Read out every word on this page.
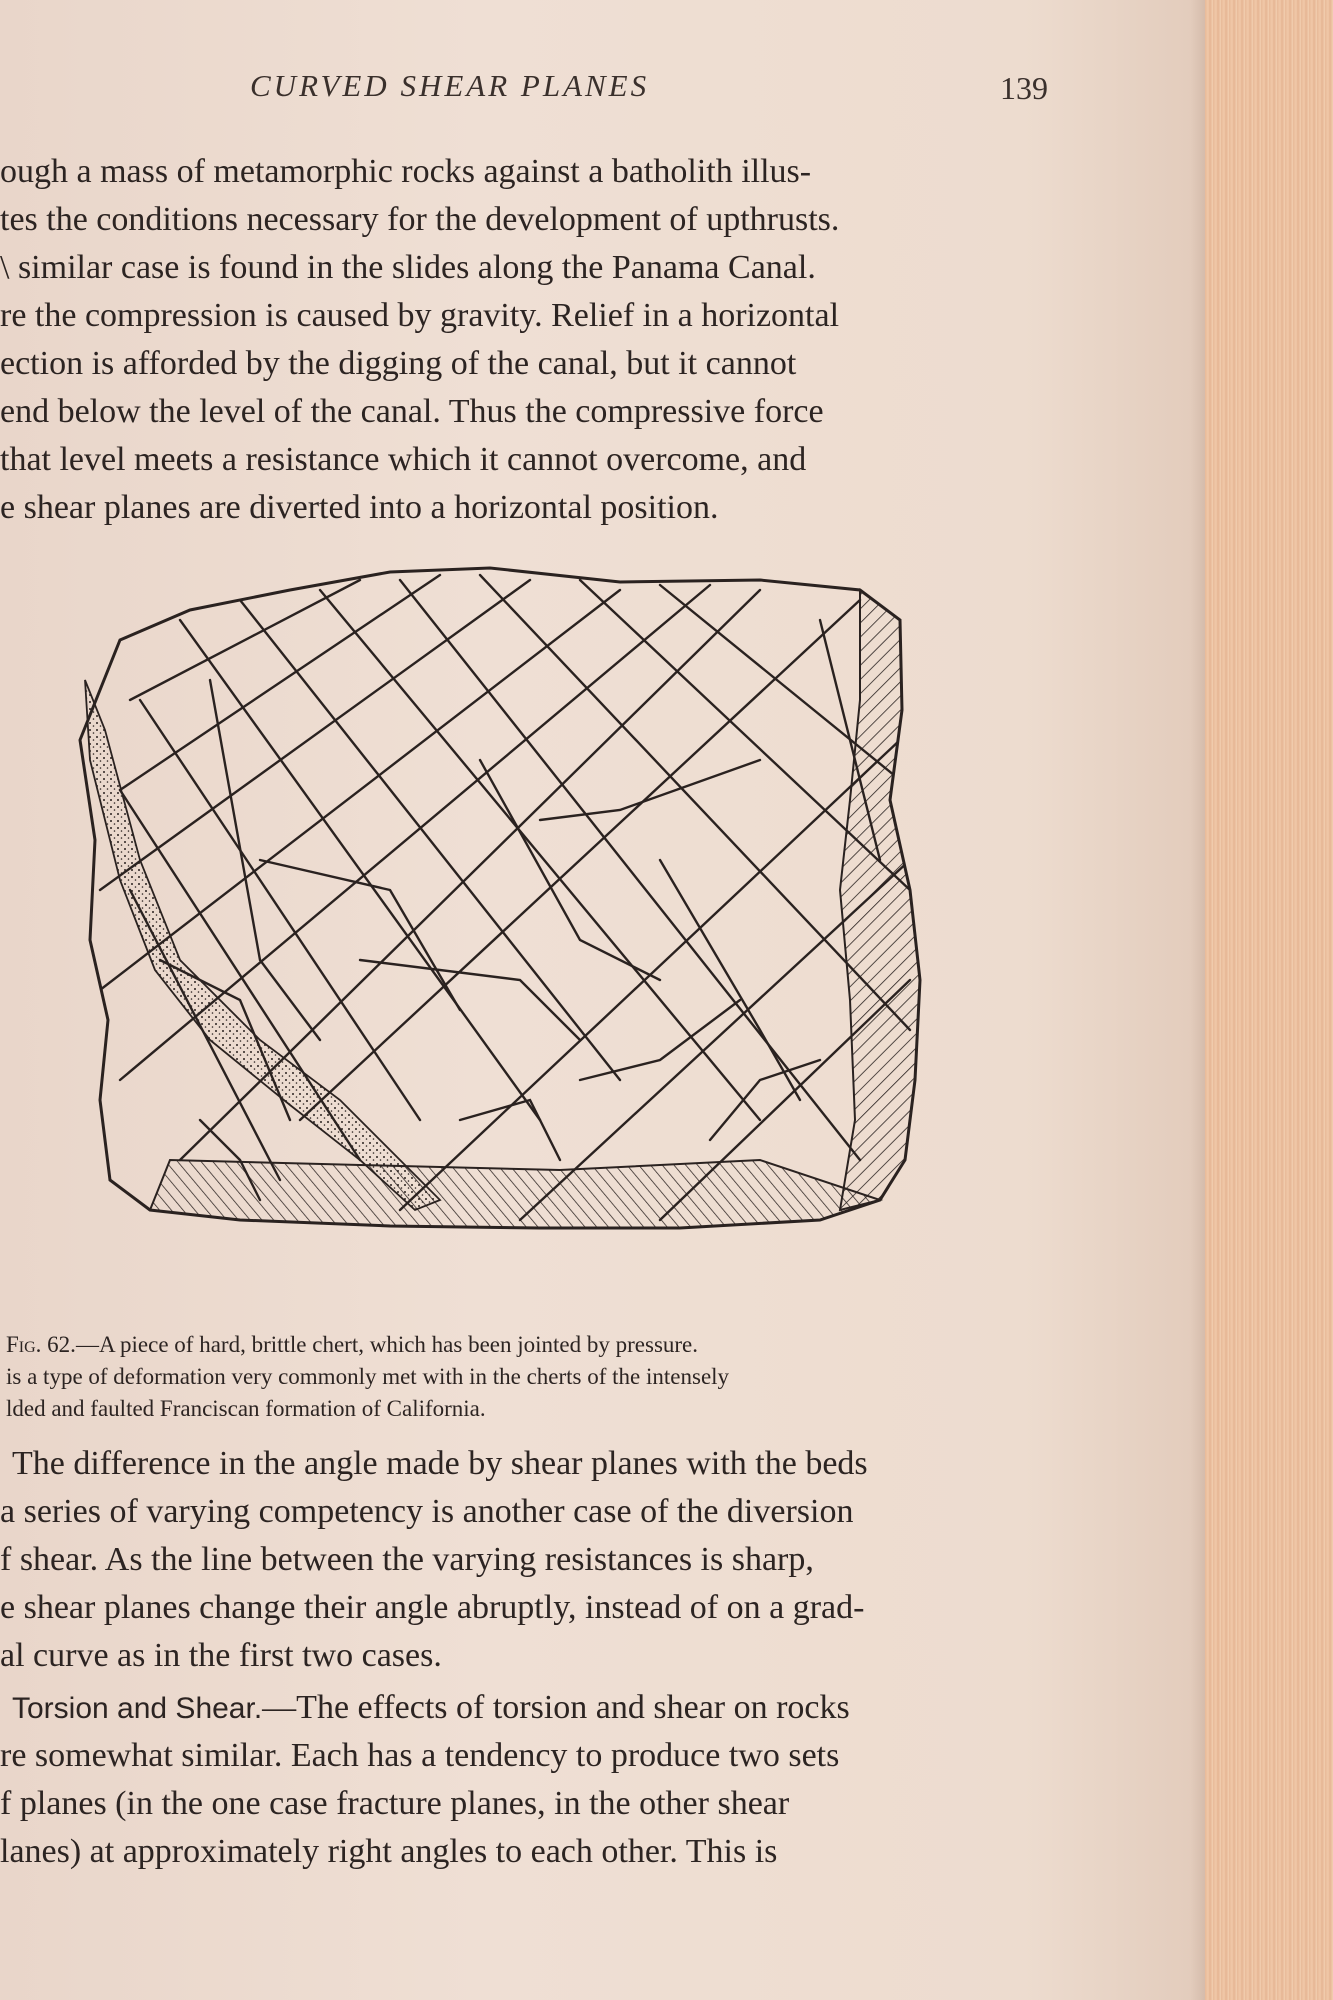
CURVED SHEAR PLANES	139
ough a mass of metamorphic rocks against a batholith illus-
tes the conditions necessary for the development of upthrusts.
\ similar case is found in the slides along the Panama Canal.
re the compression is caused by gravity. Relief in a horizontal
ection is afforded by the digging of the canal, but it cannot
end below the level of the canal. Thus the compressive force
that level meets a resistance which it cannot overcome, and
e shear planes are diverted into a horizontal position.
Fig. 62.—A piece of hard, brittle chert, which has been jointed by pressure.
is a type of deformation very commonly met with in the cherts of the intensely
lded and faulted Franciscan formation of California.
The difference in the angle made by shear planes with the beds
a series of varying competency is another case of the diversion
f shear. As the line between the varying resistances is sharp,
e shear planes change their angle abruptly, instead of on a grad-
al curve as in the first two cases.
Torsion and Shear.—The effects of torsion and shear on rocks
re somewhat similar. Each has a tendency to produce two sets
f planes (in the one case fracture planes, in the other shear
lanes) at approximately right angles to each other. This is
